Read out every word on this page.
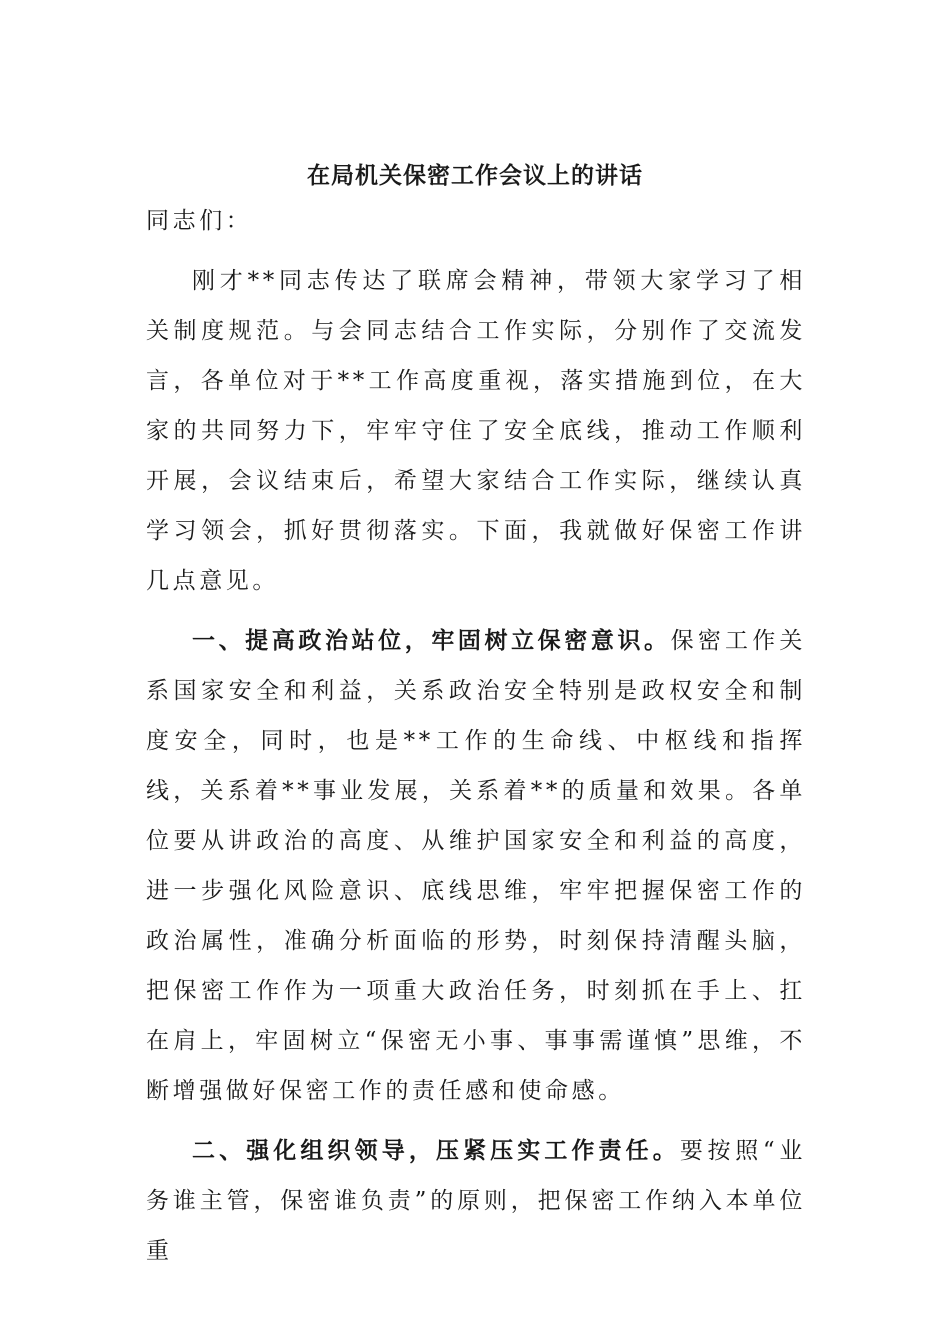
在局机关保密工作会议上的讲话

同志们：

刚才**同志传达了联席会精神，带领大家学习了相关制度规范。与会同志结合工作实际，分别作了交流发言，各单位对于**工作高度重视，落实措施到位，在大家的共同努力下，牢牢守住了安全底线，推动工作顺利开展，会议结束后，希望大家结合工作实际，继续认真学习领会，抓好贯彻落实。下面，我就做好保密工作讲几点意见。

一、提高政治站位，牢固树立保密意识。保密工作关系国家安全和利益，关系政治安全特别是政权安全和制度安全，同时，也是**工作的生命线、中枢线和指挥线，关系着**事业发展，关系着**的质量和效果。各单位要从讲政治的高度、从维护国家安全和利益的高度，进一步强化风险意识、底线思维，牢牢把握保密工作的政治属性，准确分析面临的形势，时刻保持清醒头脑，把保密工作作为一项重大政治任务，时刻抓在手上、扛在肩上，牢固树立“保密无小事、事事需谨慎”思维，不断增强做好保密工作的责任感和使命感。

二、强化组织领导，压紧压实工作责任。要按照“业务谁主管，保密谁负责”的原则，把保密工作纳入本单位重
